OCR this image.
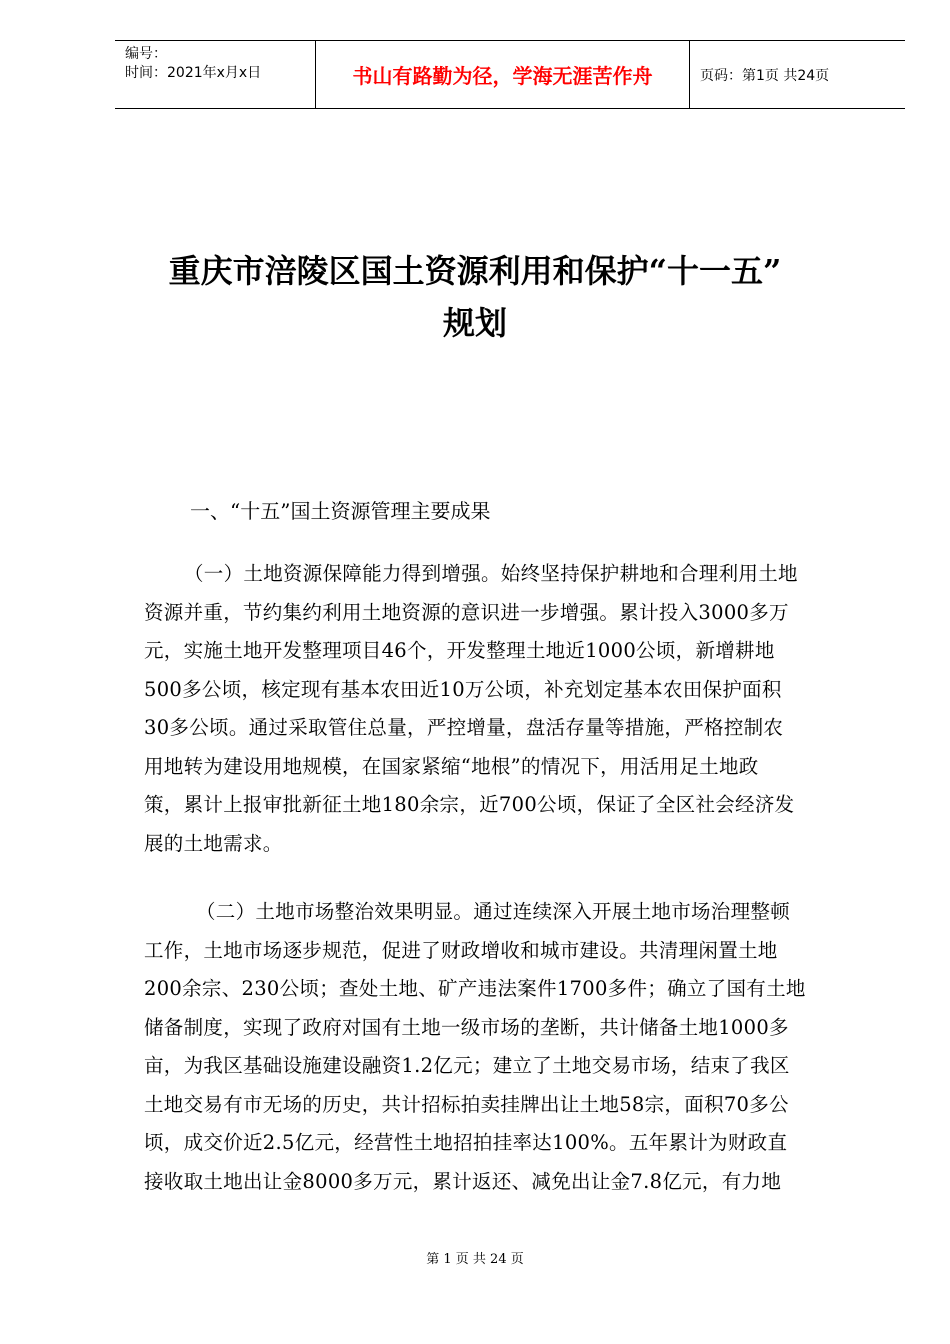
编号：
时间：2021年x月x日	书山有路勤为径，学海无涯苦作舟	页码：第1页 共24页
重庆市涪陵区国土资源利用和保护“十一五”
规划
一、“十五”国土资源管理主要成果
（一）土地资源保障能力得到增强。始终坚持保护耕地和合理利用土地
资源并重，节约集约利用土地资源的意识进一步增强。累计投入3000多万
元，实施土地开发整理项目46个，开发整理土地近1000公顷，新增耕地
500多公顷，核定现有基本农田近10万公顷，补充划定基本农田保护面积
30多公顷。通过采取管住总量，严控增量，盘活存量等措施，严格控制农
用地转为建设用地规模，在国家紧缩“地根”的情况下，用活用足土地政
策，累计上报审批新征土地180余宗，近700公顷，保证了全区社会经济发
展的土地需求。
（二）土地市场整治效果明显。通过连续深入开展土地市场治理整顿
工作，土地市场逐步规范，促进了财政增收和城市建设。共清理闲置土地
200余宗、230公顷；查处土地、矿产违法案件1700多件；确立了国有土地
储备制度，实现了政府对国有土地一级市场的垄断，共计储备土地1000多
亩，为我区基础设施建设融资1.2亿元；建立了土地交易市场，结束了我区
土地交易有市无场的历史，共计招标拍卖挂牌出让土地58宗，面积70多公
顷，成交价近2.5亿元，经营性土地招拍挂率达100%。五年累计为财政直
接收取土地出让金8000多万元，累计返还、减免出让金7.8亿元，有力地
第 1 页 共 24 页
